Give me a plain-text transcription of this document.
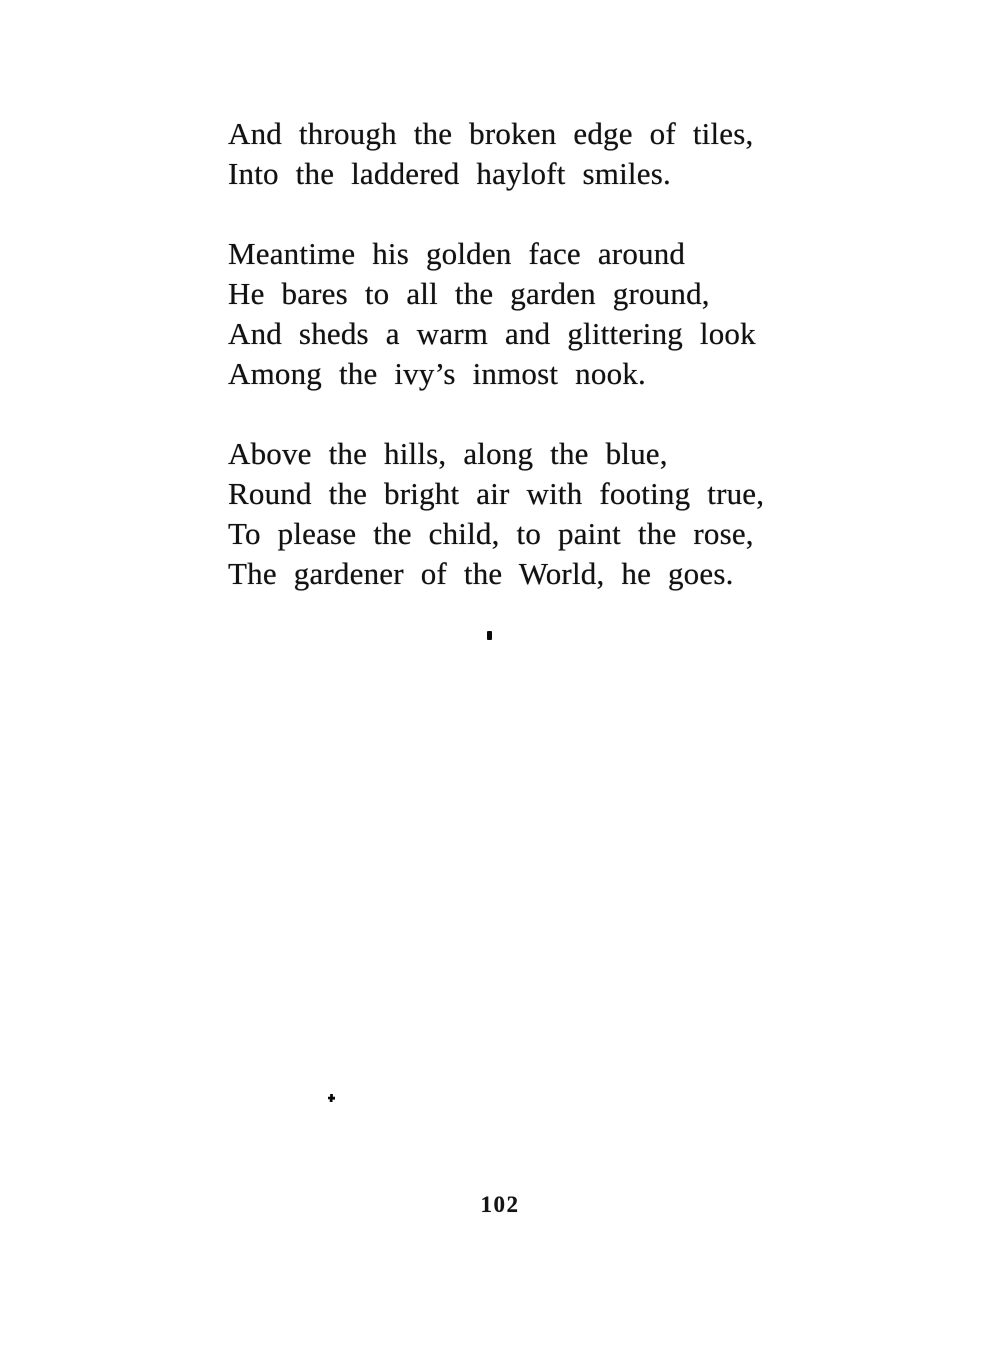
And through the broken edge of tiles,
Into the laddered hayloft smiles.
Meantime his golden face around
He bares to all the garden ground,
And sheds a warm and glittering look
Among the ivy’s inmost nook.
Above the hills, along the blue,
Round the bright air with footing true,
To please the child, to paint the rose,
The gardener of the World, he goes.
102
